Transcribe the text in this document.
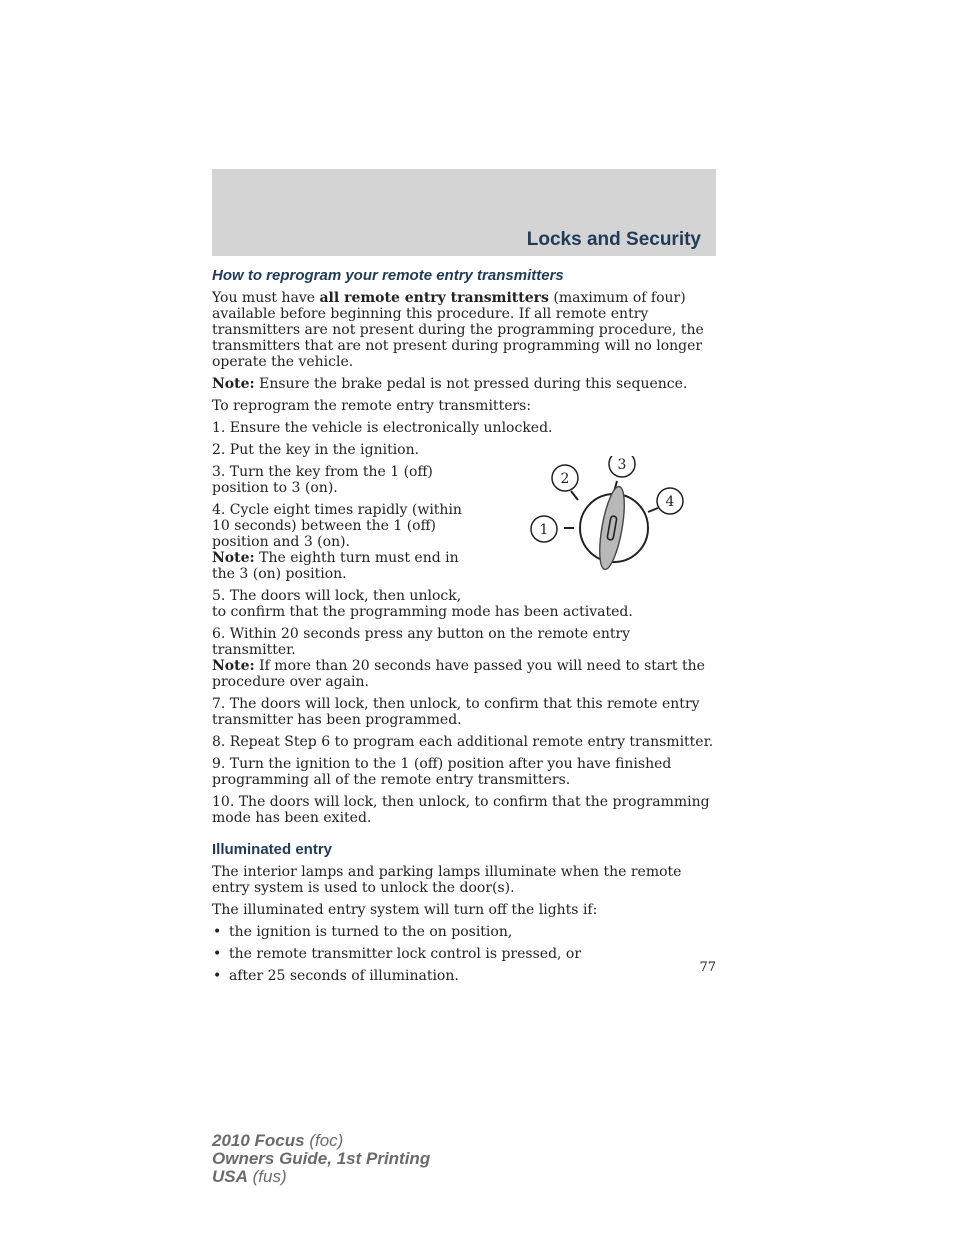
Locks and Security
How to reprogram your remote entry transmitters

You must have all remote entry transmitters (maximum of four) available before beginning this procedure. If all remote entry transmitters are not present during the programming procedure, the transmitters that are not present during programming will no longer operate the vehicle.

Note: Ensure the brake pedal is not pressed during this sequence.

To reprogram the remote entry transmitters:

1. Ensure the vehicle is electronically unlocked.

2. Put the key in the ignition.

1
2
3
4

3. Turn the key from the 1 (off) position to 3 (on).

4. Cycle eight times rapidly (within 10 seconds) between the 1 (off) position and 3 (on).
Note: The eighth turn must end in the 3 (on) position.

5. The doors will lock, then unlock,
to confirm that the programming mode has been activated.

6. Within 20 seconds press any button on the remote entry transmitter.
Note: If more than 20 seconds have passed you will need to start the procedure over again.

7. The doors will lock, then unlock, to confirm that this remote entry transmitter has been programmed.

8. Repeat Step 6 to program each additional remote entry transmitter.

9. Turn the ignition to the 1 (off) position after you have finished programming all of the remote entry transmitters.

10. The doors will lock, then unlock, to confirm that the programming mode has been exited.

Illuminated entry

The interior lamps and parking lamps illuminate when the remote entry system is used to unlock the door(s).

The illuminated entry system will turn off the lights if:

• the ignition is turned to the on position,
• the remote transmitter lock control is pressed, or
• after 25 seconds of illumination.
77
2010 Focus (foc)
Owners Guide, 1st Printing
USA (fus)
